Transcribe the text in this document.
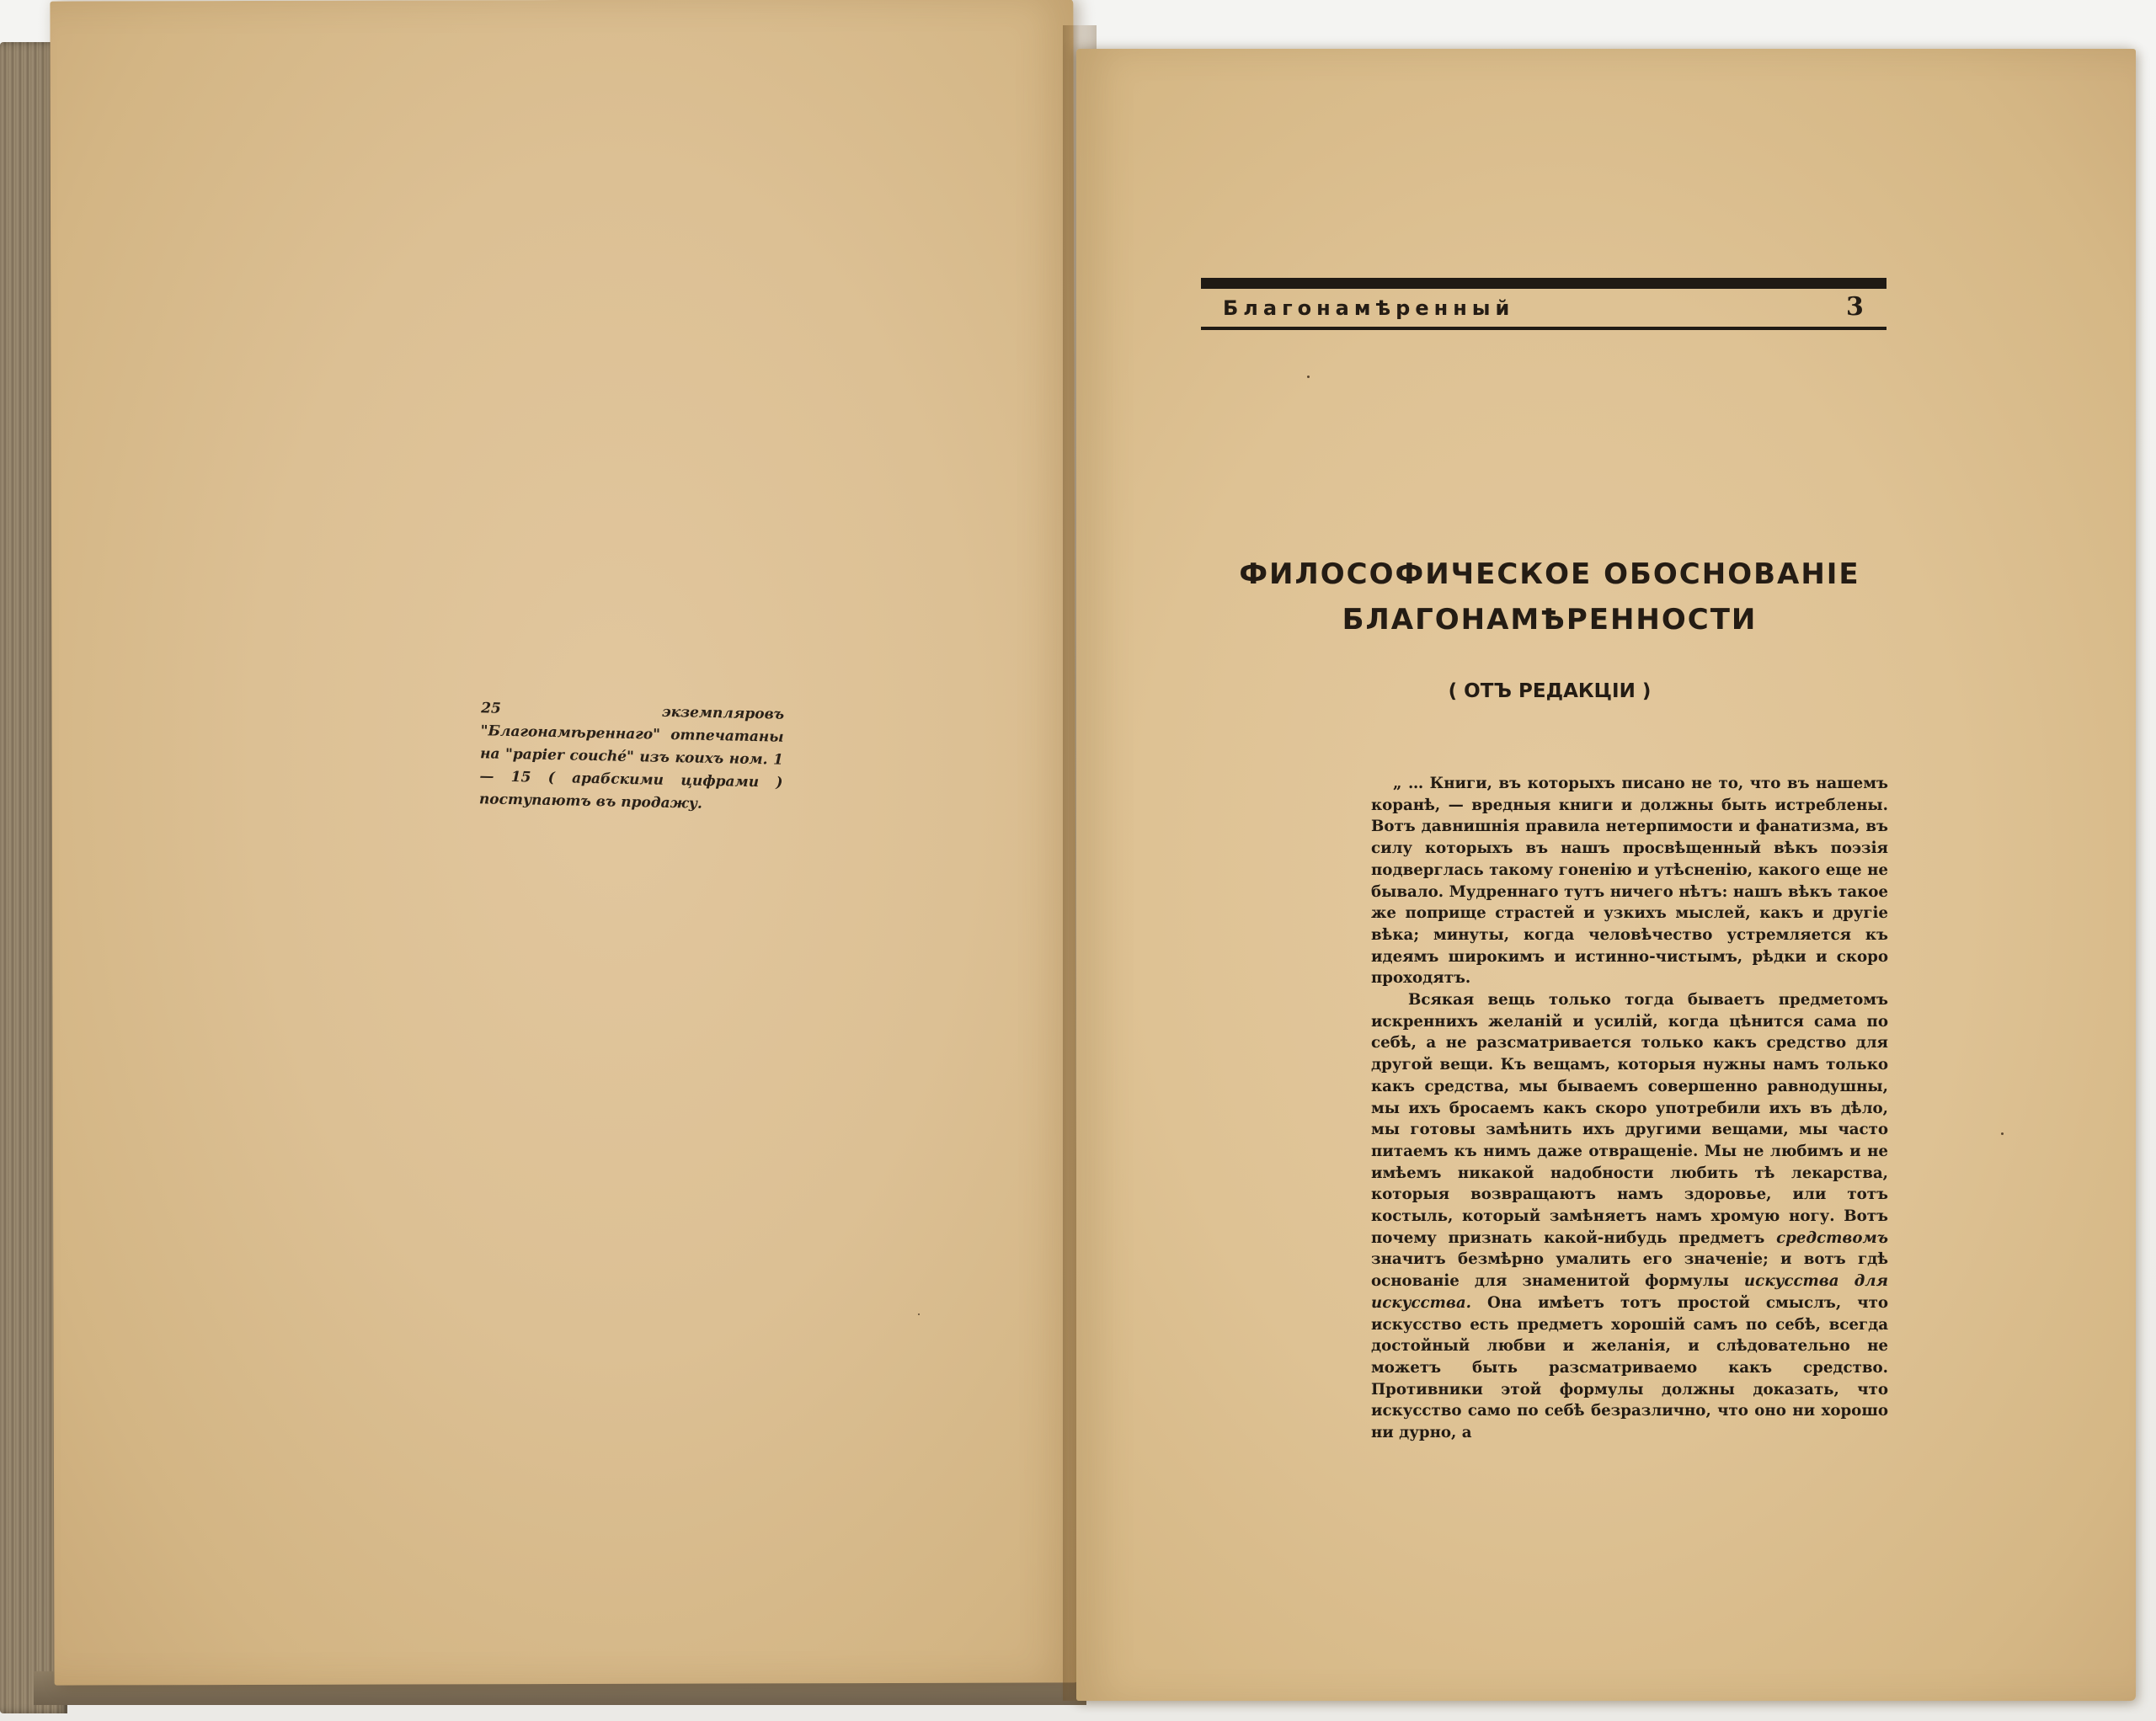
25 экземпляровъ "Благонамѣреннаго" отпечатаны на "papier couché" изъ коихъ ном. 1 — 15 ( арабскими цифрами ) поступаютъ въ продажу.
Благонамѣренный	3
ФИЛОСОФИЧЕСКОЕ ОБОСНОВАНIЕ
БЛАГОНАМѢРЕННОСТИ
( ОТЪ РЕДАКЦIИ )

„ … Книги, въ которыхъ писано не то, что въ нашемъ коранѣ, — вредныя книги и должны быть истреблены. Вотъ давнишнія правила нетерпимости и фанатизма, въ силу которыхъ въ нашъ просвѣщенный вѣкъ поэзія подверглась такому гоненію и утѣсненію, какого еще не бывало. Мудреннаго тутъ ничего нѣтъ: нашъ вѣкъ такое же поприще страстей и узкихъ мыслей, какъ и другіе вѣка; минуты, когда человѣчество устремляется къ идеямъ широкимъ и истинно-чистымъ, рѣдки и скоро проходятъ.

Всякая вещь только тогда бываетъ предметомъ искреннихъ желаній и усилій, когда цѣнится сама по себѣ, а не разсматривается только какъ средство для другой вещи. Къ вещамъ, которыя нужны намъ только какъ средства, мы бываемъ совершенно равнодушны, мы ихъ бросаемъ какъ скоро употребили ихъ въ дѣло, мы готовы замѣнить ихъ другими вещами, мы часто питаемъ къ нимъ даже отвращеніе. Мы не любимъ и не имѣемъ никакой надобности любить тѣ лекарства, которыя возвращаютъ намъ здоровье, или тотъ костыль, который замѣняетъ намъ хромую ногу. Вотъ почему признать какой-нибудь предметъ средствомъ значитъ безмѣрно умалить его значеніе; и вотъ гдѣ основаніе для знаменитой формулы искусства для искусства. Она имѣетъ тотъ простой смыслъ, что искусство есть предметъ хорошій самъ по себѣ, всегда достойный любви и желанія, и слѣдовательно не можетъ быть разсматриваемо какъ средство. Противники этой формулы должны доказать, что искусство само по себѣ безразлично, что оно ни хорошо ни дурно, а
